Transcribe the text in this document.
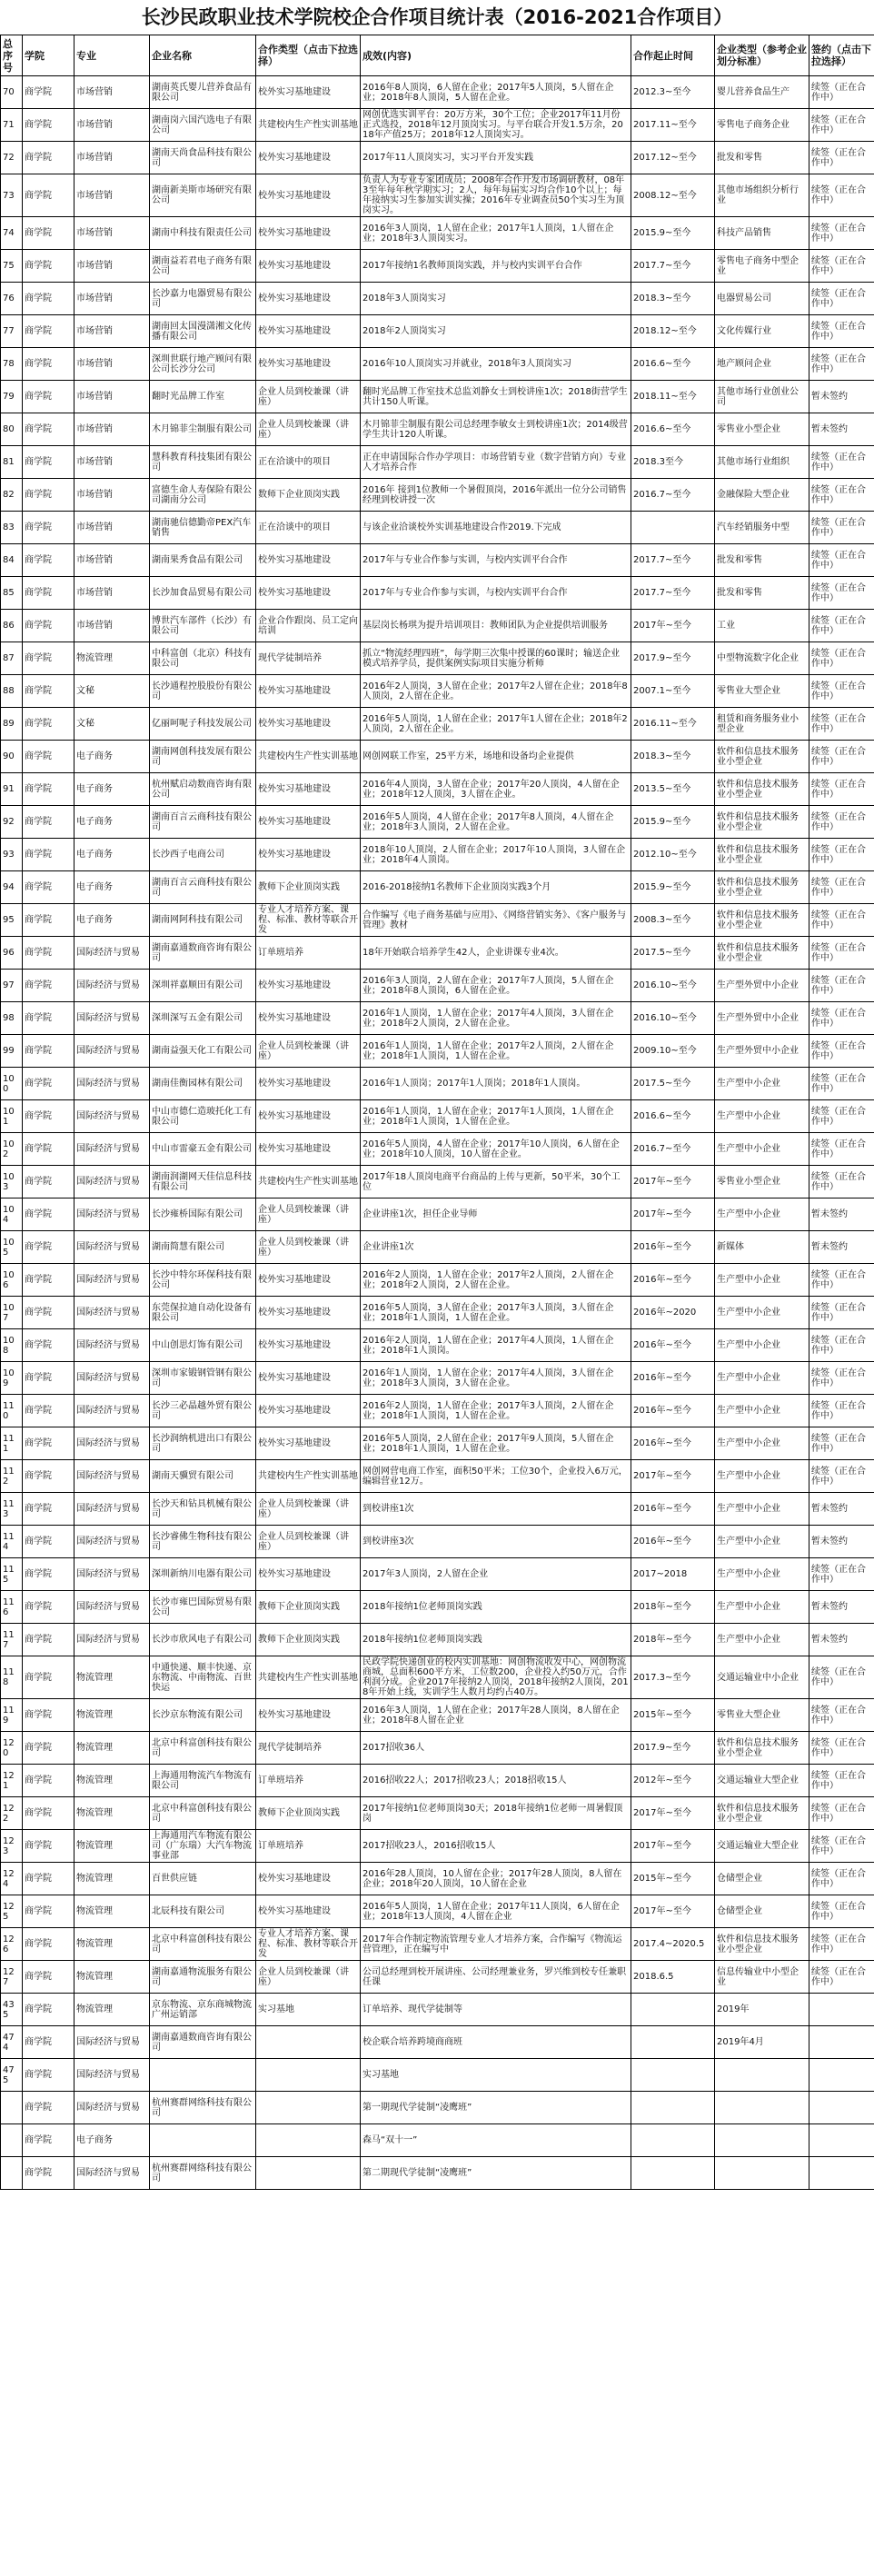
长沙民政职业技术学院校企合作项目统计表（2016-2021合作项目）
总序号	学院	专业	企业名称	合作类型（点击下拉选择）	成效(内容)	合作起止时间	企业类型（参考企业划分标准）	签约（点击下拉选择）
70	商学院	市场营销	湖南英氏婴儿营养食品有限公司	校外实习基地建设	2016年8人顶岗，6人留在企业；2017年5人顶岗，5人留在企业；2018年8人顶岗，5人留在企业。	2012.3~至今	婴儿营养食品生产	续签（正在合作中）
71	商学院	市场营销	湖南岗六国汽选电子有限公司	共建校内生产性实训基地	网创优选实训平台：20万方米，30个工位；企业2017年11月份正式选投，2018年12月顶岗实习。与平台联合开发1.5万余，2018年产值25万；2018年12人顶岗实习。	2017.11~至今	零售电子商务企业	续签（正在合作中）
72	商学院	市场营销	湖南天尚食品科技有限公司	校外实习基地建设	2017年11人顶岗实习，实习平台开发实践	2017.12~至今	批发和零售	续签（正在合作中）
73	商学院	市场营销	湖南新美斯市场研究有限公司	校外实习基地建设	负责人为专业专家团成员；2008年合作开发市场调研教材，08年3至年每年秋学期实习；2人，每年每届实习均合作10个以上；每年接纳实习生参加实训实操；2016年专业调查员50个实习生为顶岗实习。	2008.12~至今	其他市场组织分析行业	续签（正在合作中）
74	商学院	市场营销	湖南中科技有限责任公司	校外实习基地建设	2016年3人顶岗，1人留在企业；2017年1人顶岗，1人留在企业；2018年3人顶岗实习。	2015.9~至今	科技产品销售	续签（正在合作中）
75	商学院	市场营销	湖南益若君电子商务有限公司	校外实习基地建设	2017年接纳1名教师顶岗实践，并与校内实训平台合作	2017.7~至今	零售电子商务中型企业	续签（正在合作中）
76	商学院	市场营销	长沙嘉力电器贸易有限公司	校外实习基地建设	2018年3人顶岗实习	2018.3~至今	电器贸易公司	续签（正在合作中）
77	商学院	市场营销	湖南回太国漫潇湘文化传播有限公司	校外实习基地建设	2018年2人顶岗实习	2018.12~至今	文化传媒行业	续签（正在合作中）
78	商学院	市场营销	深圳世联行地产顾问有限公司长沙分公司	校外实习基地建设	2016年10人顶岗实习并就业，2018年3人顶岗实习	2016.6~至今	地产顾问企业	续签（正在合作中）
79	商学院	市场营销	翻时光品牌工作室	企业人员到校兼课（讲座）	翻时光品牌工作室技术总监刘静女士到校讲座1次；2018街营学生共计150人听课。	2018.11~至今	其他市场行业创业公司	暂未签约
80	商学院	市场营销	木月锦菲尘制服有限公司	企业人员到校兼课（讲座）	木月锦菲尘制服有限公司总经理李敏女士到校讲座1次；2014级营学生共计120人听课。	2016.6~至今	零售业小型企业	暂未签约
81	商学院	市场营销	慧科教育科技集团有限公司	正在洽谈中的项目	正在申请国际合作办学项目：市场营销专业（数字营销方向）专业人才培养合作	2018.3至今	其他市场行业组织	续签（正在合作中）
82	商学院	市场营销	富德生命人寿保险有限公司湖南分公司	数师下企业顶岗实践	2016年 接到1位教师一个暑假顶岗，2016年派出一位分公司销售经理到校讲授一次	2016.7~至今	金融保险大型企业	续签（正在合作中）
83	商学院	市场营销	湖南驰信德勤帝PEX汽车销售	正在洽谈中的项目	与该企业洽谈校外实训基地建设合作2019.下完成		汽车经销服务中型	续签（正在合作中）
84	商学院	市场营销	湖南果秀食品有限公司	校外实习基地建设	2017年与专业合作参与实训，与校内实训平台合作	2017.7~至今	批发和零售	续签（正在合作中）
85	商学院	市场营销	长沙加食品贸易有限公司	校外实习基地建设	2017年与专业合作参与实训，与校内实训平台合作	2017.7~至今	批发和零售	续签（正在合作中）
86	商学院	市场营销	博世汽车部件（长沙）有限公司	企业合作跟岗、员工定向培训	基层岗长杨琪为提升培训项目：教师团队为企业提供培训服务	2017年~至今	工业	续签（正在合作中）
87	商学院	物流管理	中科富创（北京）科技有限公司	现代学徒制培养	抓立“物流经理四班”，每学期三次集中授课的60课时；输送企业模式培养学员，提供案例实际项目实施分析师	2017.9~至今	中型物流数字化企业	续签（正在合作中）
88	商学院	文秘	长沙通程控股股份有限公司	校外实习基地建设	2016年2人顶岗，3人留在企业；2017年2人留在企业；2018年8人顶岗，2人留在企业。	2007.1~至今	零售业大型企业	续签（正在合作中）
89	商学院	文秘	亿丽呵呢子科技发展公司	校外实习基地建设	2016年5人顶岗，1人留在企业；2017年1人留在企业；2018年2人顶岗，2人留在企业。	2016.11~至今	租赁和商务服务业小型企业	续签（正在合作中）
90	商学院	电子商务	湖南网创科技发展有限公司	共建校内生产性实训基地	网创网联工作室，25平方米，场地和设备均企业提供	2018.3~至今	软件和信息技术服务业小型企业	续签（正在合作中）
91	商学院	电子商务	杭州赋启动数商咨询有限公司	校外实习基地建设	2016年4人顶岗，3人留在企业；2017年20人顶岗，4人留在企业；2018年12人顶岗，3人留在企业。	2013.5~至今	软件和信息技术服务业小型企业	续签（正在合作中）
92	商学院	电子商务	湖南百言云商科技有限公司	校外实习基地建设	2016年5人顶岗，4人留在企业；2017年8人顶岗，4人留在企业；2018年3人顶岗，2人留在企业。	2015.9~至今	软件和信息技术服务业小型企业	续签（正在合作中）
93	商学院	电子商务	长沙西子电商公司	校外实习基地建设	2018年10人顶岗，2人留在企业；2017年10人顶岗，3人留在企业；2018年4人顶岗。	2012.10~至今	软件和信息技术服务业小型企业	续签（正在合作中）
94	商学院	电子商务	湖南百言云商科技有限公司	教师下企业顶岗实践	2016-2018接纳1名教师下企业顶岗实践3个月	2015.9~至今	软件和信息技术服务业小型企业	续签（正在合作中）
95	商学院	电子商务	湖南网阿科技有限公司	专业人才培养方案、课程、标准、教材等联合开发	合作编写《电子商务基础与应用》、《网络营销实务》、《客户服务与管理》教材	2008.3~至今	软件和信息技术服务业小型企业	续签（正在合作中）
96	商学院	国际经济与贸易	湖南嘉通数商咨询有限公司	订单班培养	18年开始联合培养学生42人，企业讲课专业4次。	2017.5~至今	软件和信息技术服务业小型企业	续签（正在合作中）
97	商学院	国际经济与贸易	深圳祥嘉顺田有限公司	校外实习基地建设	2016年3人顶岗，2人留在企业；2017年7人顶岗，5人留在企业；2018年8人顶岗，6人留在企业。	2016.10~至今	生产型外贸中小企业	续签（正在合作中）
98	商学院	国际经济与贸易	深圳深写五金有限公司	校外实习基地建设	2016年1人顶岗，1人留在企业；2017年4人顶岗，3人留在企业；2018年2人顶岗，2人留在企业。	2016.10~至今	生产型外贸中小企业	续签（正在合作中）
99	商学院	国际经济与贸易	湖南益强天化工有限公司	企业人员到校兼课（讲座）	2016年1人顶岗，1人留在企业；2017年2人顶岗，2人留在企业；2018年1人顶岗，1人留在企业。	2009.10~至今	生产型外贸中小企业	续签（正在合作中）
100	商学院	国际经济与贸易	湖南佳衡园林有限公司	校外实习基地建设	2016年1人顶岗；2017年1人顶岗；2018年1人顶岗。	2017.5~至今	生产型中小企业	续签（正在合作中）
101	商学院	国际经济与贸易	中山市德仁造玻托化工有限公司	校外实习基地建设	2016年1人顶岗，1人留在企业；2017年1人顶岗，1人留在企业；2018年1人顶岗，1人留在企业。	2016.6~至今	生产型中小企业	续签（正在合作中）
102	商学院	国际经济与贸易	中山市雷豪五金有限公司	校外实习基地建设	2016年5人顶岗，4人留在企业；2017年10人顶岗，6人留在企业；2018年10人顶岗，10人留在企业。	2016.7~至今	生产型中小企业	续签（正在合作中）
103	商学院	国际经济与贸易	湖南润湖网天佳信息科技有限公司	共建校内生产性实训基地	2017年18人顶岗电商平台商品的上传与更新，50平米，30个工位	2017年~至今	零售业小型企业	续签（正在合作中）
104	商学院	国际经济与贸易	长沙雍桥国际有限公司	企业人员到校兼课（讲座）	企业讲座1次，担任企业导师	2017年~至今	生产型中小企业	暂未签约
105	商学院	国际经济与贸易	湖南简慧有限公司	企业人员到校兼课（讲座）	企业讲座1次	2016年~至今	新媒体	暂未签约
106	商学院	国际经济与贸易	长沙中特尔环保科技有限公司	校外实习基地建设	2016年2人顶岗，1人留在企业；2017年2人顶岗，2人留在企业；2018年2人顶岗，2人留在企业。	2016年~至今	生产型中小企业	续签（正在合作中）
107	商学院	国际经济与贸易	东莞保拉迪自动化设备有限公司	校外实习基地建设	2016年5人顶岗，3人留在企业；2017年3人顶岗，3人留在企业；2018年1人顶岗，1人留在企业。	2016年~2020	生产型中小企业	续签（正在合作中）
108	商学院	国际经济与贸易	中山创思灯饰有限公司	校外实习基地建设	2016年2人顶岗，1人留在企业；2017年4人顶岗，1人留在企业；2018年1人顶岗。	2016年~至今	生产型中小企业	续签（正在合作中）
109	商学院	国际经济与贸易	深圳市家锻钢管钢有限公司	校外实习基地建设	2016年1人顶岗，1人留在企业；2017年4人顶岗，3人留在企业；2018年3人顶岗，3人留在企业。	2016年~至今	生产型中小企业	续签（正在合作中）
110	商学院	国际经济与贸易	长沙三必晶越外贸有限公司	校外实习基地建设	2016年2人顶岗，1人留在企业；2017年3人顶岗，2人留在企业；2018年1人顶岗，1人留在企业。	2016年~至今	生产型中小企业	续签（正在合作中）
111	商学院	国际经济与贸易	长沙润纳机进出口有限公司	校外实习基地建设	2016年5人顶岗，2人留在企业；2017年9人顶岗，5人留在企业；2018年1人顶岗，1人留在企业。	2016年~至今	生产型中小企业	续签（正在合作中）
112	商学院	国际经济与贸易	湖南天骥贸有限公司	共建校内生产性实训基地	网创网营电商工作室，面积50平米；工位30个，企业投入6万元，编辑营业12万。	2017年~至今	生产型中小企业	续签（正在合作中）
113	商学院	国际经济与贸易	长沙天和钻具机械有限公司	企业人员到校兼课（讲座）	到校讲座1次	2016年~至今	生产型中小企业	暂未签约
114	商学院	国际经济与贸易	长沙睿佛生物科技有限公司	企业人员到校兼课（讲座）	到校讲座3次	2016年~至今	生产型中小企业	暂未签约
115	商学院	国际经济与贸易	深圳新纳川电器有限公司	校外实习基地建设	2017年3人顶岗，2人留在企业	2017~2018	生产型中小企业	续签（正在合作中）
116	商学院	国际经济与贸易	长沙市雍巴国际贸易有限公司	教师下企业顶岗实践	2018年接纳1位老师顶岗实践	2018年~至今	生产型中小企业	暂未签约
117	商学院	国际经济与贸易	长沙市欣风电子有限公司	教师下企业顶岗实践	2018年接纳1位老师顶岗实践	2018年~至今	生产型中小企业	暂未签约
118	商学院	物流管理	中通快递、顺丰快递、京东物流、中南物流、百世快运	共建校内生产性实训基地	民政学院快递创业的校内实训基地：网创物流收发中心，网创物流商城，总面积600平方米，工位数200，企业投入约50万元，合作利润分成。企业2017年接纳2人顶岗，2018年接纳2人顶岗，2018年开始上线，实训学生人数月均约占40万。	2017.3~至今	交通运输业中小企业	续签（正在合作中）
119	商学院	物流管理	长沙京东物流有限公司	校外实习基地建设	2016年3人顶岗，1人留在企业；2017年28人顶岗，8人留在企业；2018年8人留在企业	2015年~至今	零售业大型企业	续签（正在合作中）
120	商学院	物流管理	北京中科富创科技有限公司	现代学徒制培养	2017招收36人	2017.9~至今	软件和信息技术服务业小型企业	续签（正在合作中）
121	商学院	物流管理	上海通用物流汽车物流有限公司	订单班培养	2016招收22人；2017招收23人；2018招收15人	2012年~至今	交通运输业大型企业	续签（正在合作中）
122	商学院	物流管理	北京中科富创科技有限公司	教师下企业顶岗实践	2017年接纳1位老师顶岗30天；2018年接纳1位老师一周暑假顶岗	2017年~至今	软件和信息技术服务业小型企业	续签（正在合作中）
123	商学院	物流管理	上海通用汽车物流有限公司（广东瑞）大汽车物流事业部	订单班培养	2017招收23人，2016招收15人	2017年~至今	交通运输业大型企业	续签（正在合作中）
124	商学院	物流管理	百世供应链	校外实习基地建设	2016年28人顶岗，10人留在企业；2017年28人顶岗，8人留在企业；2018年20人顶岗，10人留在企业	2015年~至今	仓储型企业	续签（正在合作中）
125	商学院	物流管理	北辰科技有限公司	校外实习基地建设	2016年5人顶岗，1人留在企业；2017年11人顶岗，6人留在企业；2018年13人顶岗，4人留在企业	2017年~至今	仓储型企业	续签（正在合作中）
126	商学院	物流管理	北京中科富创科技有限公司	专业人才培养方案、课程、标准、教材等联合开发	2017年合作制定物流管理专业人才培养方案，合作编写《物流运营管理》，正在编写中	2017.4~2020.5	软件和信息技术服务业小型企业	续签（正在合作中）
127	商学院	物流管理	湖南嘉通物流服务有限公司	企业人员到校兼课（讲座）	公司总经理到校开展讲座、公司经理兼业务，罗兴维到校专任兼职任课	2018.6.5	信息传输业中小型企业	续签（正在合作中）
435	商学院	物流管理	京东物流、京东商城物流广州运销部	实习基地	订单培养、现代学徒制等		2019年	
474	商学院	国际经济与贸易	湖南嘉通数商咨询有限公司		校企联合培养跨境商商班		2019年4月	
475	商学院	国际经济与贸易			实习基地			
	商学院	国际经济与贸易	杭州赛群网络科技有限公司		第一期现代学徒制“凌鹰班”			
	商学院	电子商务			森马“双十一”			
	商学院	国际经济与贸易	杭州赛群网络科技有限公司		第二期现代学徒制“凌鹰班”			
